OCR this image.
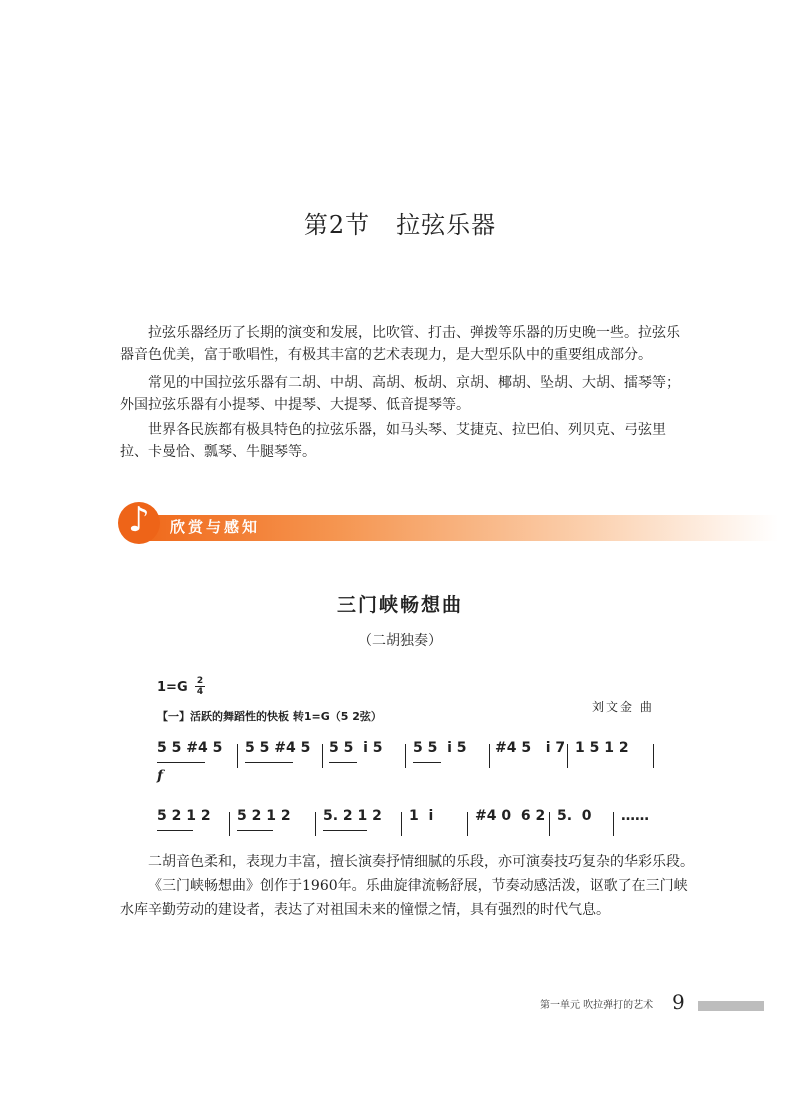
第2节 拉弦乐器

拉弦乐器经历了长期的演变和发展，比吹管、打击、弹拨等乐器的历史晚一些。拉弦乐器音色优美，富于歌唱性，有极其丰富的艺术表现力，是大型乐队中的重要组成部分。

常见的中国拉弦乐器有二胡、中胡、高胡、板胡、京胡、椰胡、坠胡、大胡、擂琴等；外国拉弦乐器有小提琴、中提琴、大提琴、低音提琴等。

世界各民族都有极具特色的拉弦乐器，如马头琴、艾捷克、拉巴伯、列贝克、弓弦里拉、卡曼恰、瓢琴、牛腿琴等。

♪ 欣赏与感知
三门峡畅想曲
（二胡独奏）
1=G 2
4
刘文金 曲
【一】活跃的舞蹈性的快板 转1=G（5 2弦）
5 5 #4 5 5 5 #4 5 5 5  i 5 5 5  i 5 #4 5   i 7 1 5 1 2
f
5 2 1 2 5 2 1 2 5. 2 1 2 1  i	#4 0  6 2 5.  0 ……

二胡音色柔和，表现力丰富，擅长演奏抒情细腻的乐段，亦可演奏技巧复杂的华彩乐段。

《三门峡畅想曲》创作于1960年。乐曲旋律流畅舒展，节奏动感活泼，讴歌了在三门峡水库辛勤劳动的建设者，表达了对祖国未来的憧憬之情，具有强烈的时代气息。

第一单元 吹拉弹打的艺术 9
